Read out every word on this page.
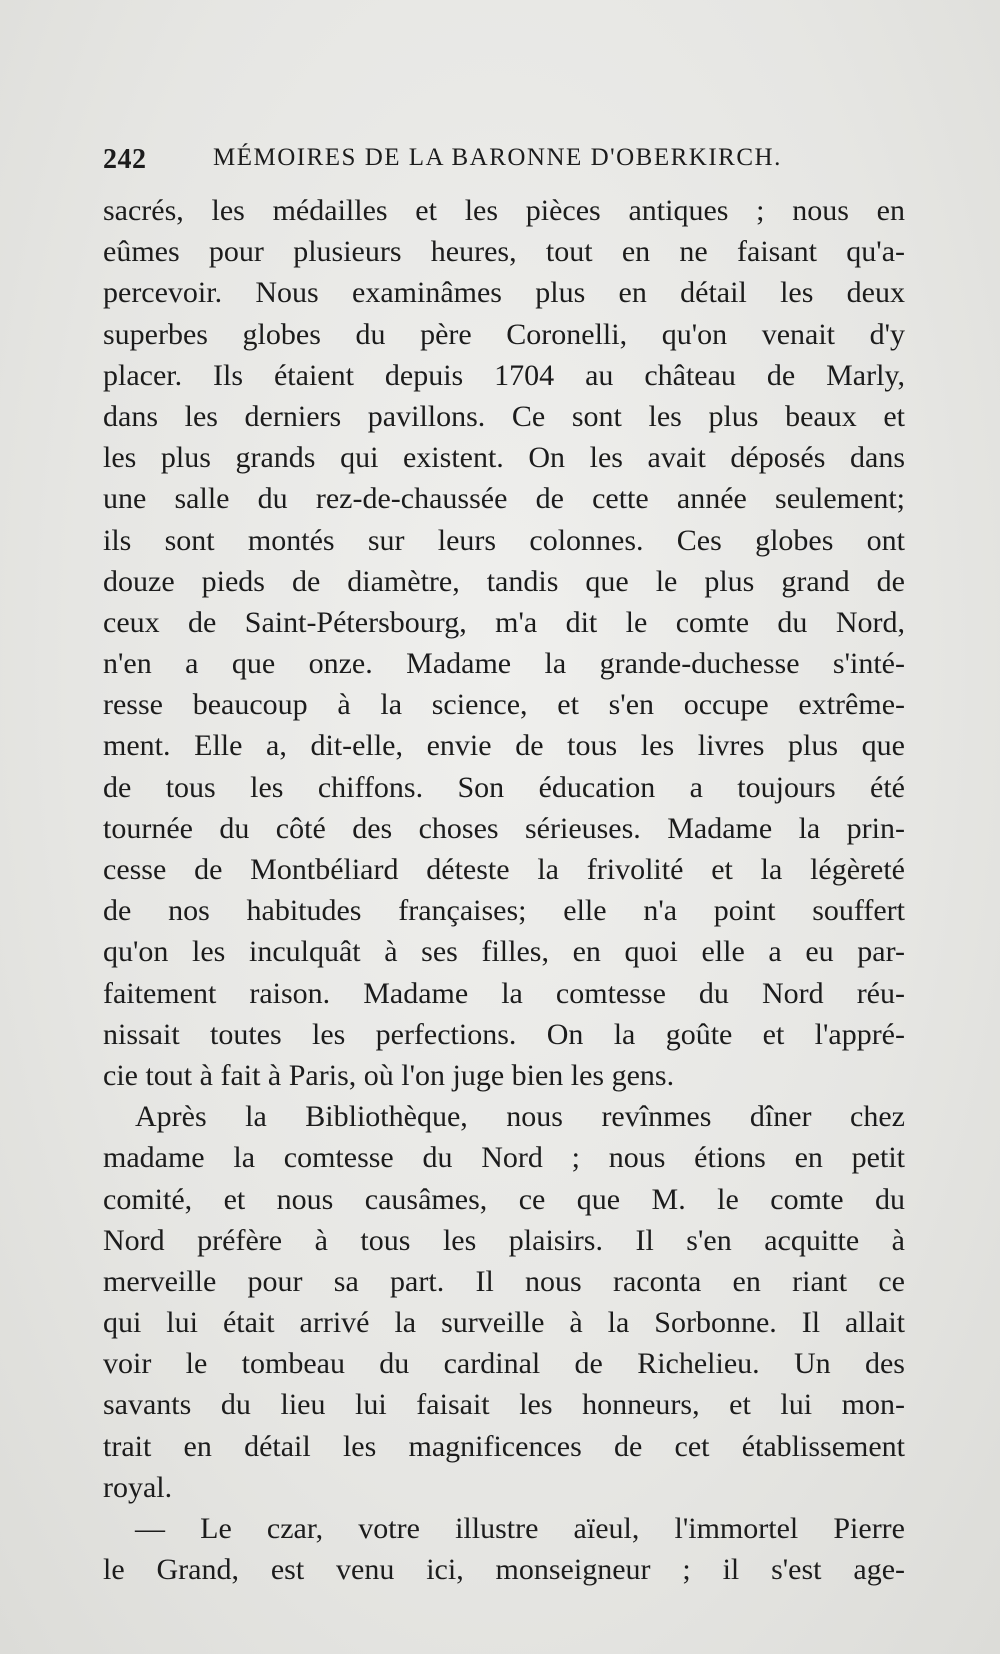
242	MÉMOIRES DE LA BARONNE D'OBERKIRCH.
sacrés, les médailles et les pièces antiques ; nous en
eûmes pour plusieurs heures, tout en ne faisant qu'a-
percevoir. Nous examinâmes plus en détail les deux
superbes globes du père Coronelli, qu'on venait d'y
placer. Ils étaient depuis 1704 au château de Marly,
dans les derniers pavillons. Ce sont les plus beaux et
les plus grands qui existent. On les avait déposés dans
une salle du rez-de-chaussée de cette année seulement;
ils sont montés sur leurs colonnes. Ces globes ont
douze pieds de diamètre, tandis que le plus grand de
ceux de Saint-Pétersbourg, m'a dit le comte du Nord,
n'en a que onze. Madame la grande-duchesse s'inté-
resse beaucoup à la science, et s'en occupe extrême-
ment. Elle a, dit-elle, envie de tous les livres plus que
de tous les chiffons. Son éducation a toujours été
tournée du côté des choses sérieuses. Madame la prin-
cesse de Montbéliard déteste la frivolité et la légèreté
de nos habitudes françaises; elle n'a point souffert
qu'on les inculquât à ses filles, en quoi elle a eu par-
faitement raison. Madame la comtesse du Nord réu-
nissait toutes les perfections. On la goûte et l'appré-
cie tout à fait à Paris, où l'on juge bien les gens.
Après la Bibliothèque, nous revînmes dîner chez
madame la comtesse du Nord ; nous étions en petit
comité, et nous causâmes, ce que M. le comte du
Nord préfère à tous les plaisirs. Il s'en acquitte à
merveille pour sa part. Il nous raconta en riant ce
qui lui était arrivé la surveille à la Sorbonne. Il allait
voir le tombeau du cardinal de Richelieu. Un des
savants du lieu lui faisait les honneurs, et lui mon-
trait en détail les magnificences de cet établissement
royal.
— Le czar, votre illustre aïeul, l'immortel Pierre
le Grand, est venu ici, monseigneur ; il s'est age-
